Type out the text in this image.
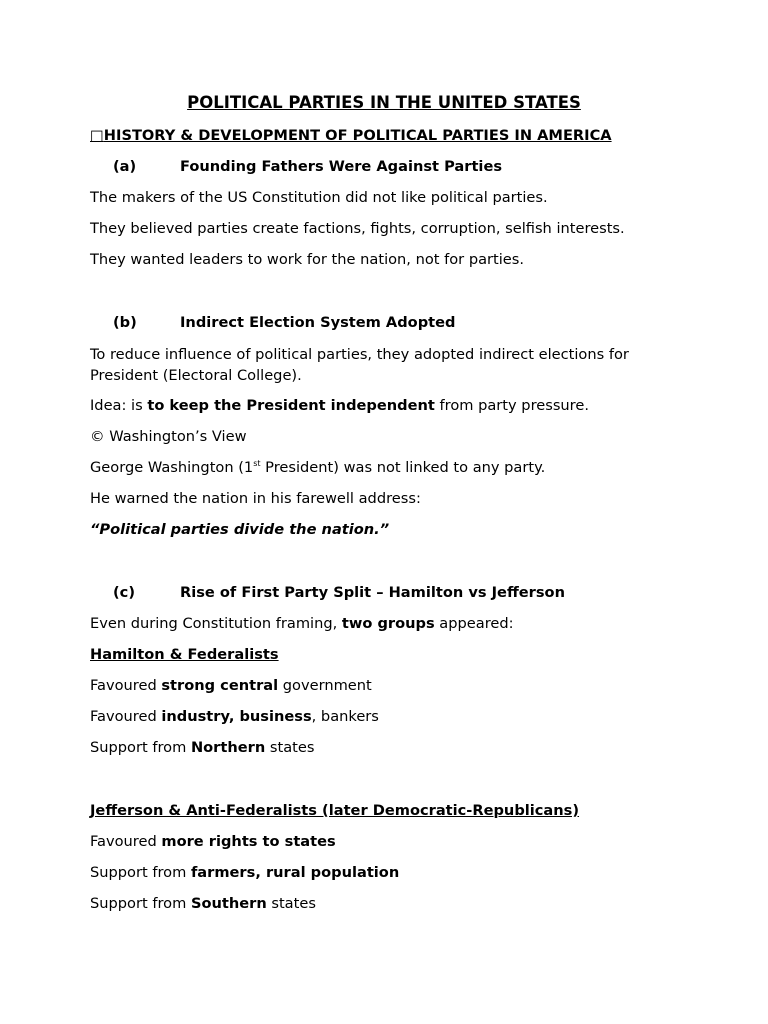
POLITICAL PARTIES IN THE UNITED STATES
□HISTORY & DEVELOPMENT OF POLITICAL PARTIES IN AMERICA
(a)	Founding Fathers Were Against Parties
The makers of the US Constitution did not like political parties.
They believed parties create factions, fights, corruption, selfish interests.
They wanted leaders to work for the nation, not for parties.
(b)	Indirect Election System Adopted
To reduce influence of political parties, they adopted indirect elections for President (Electoral College).
Idea: is to keep the President independent from party pressure.
© Washington’s View
George Washington (1st President) was not linked to any party.
He warned the nation in his farewell address:
“Political parties divide the nation.”
(c)	Rise of First Party Split – Hamilton vs Jefferson
Even during Constitution framing, two groups appeared:
Hamilton & Federalists
Favoured strong central government
Favoured industry, business, bankers
Support from Northern states
Jefferson & Anti-Federalists (later Democratic-Republicans)
Favoured more rights to states
Support from farmers, rural population
Support from Southern states
